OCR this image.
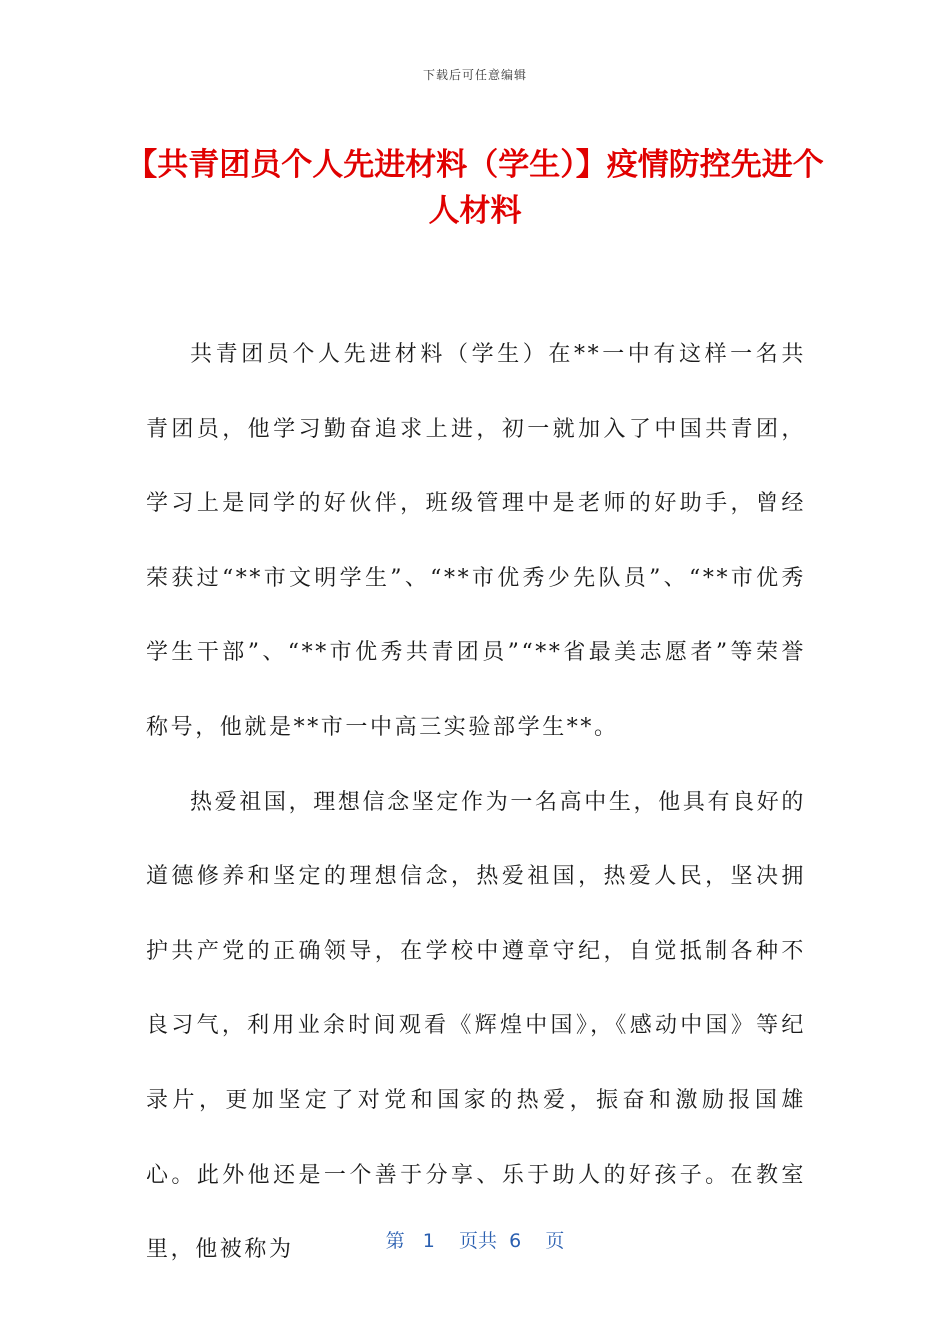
下载后可任意编辑
【共青团员个人先进材料（学生）】疫情防控先进个人材料

共青团员个人先进材料（学生）在**一中有这样一名共青团员，他学习勤奋追求上进，初一就加入了中国共青团，学习上是同学的好伙伴，班级管理中是老师的好助手，曾经荣获过“**市文明学生”、“**市优秀少先队员”、“**市优秀学生干部”、“**市优秀共青团员”“**省最美志愿者”等荣誉称号，他就是**市一中高三实验部学生**。

热爱祖国，理想信念坚定作为一名高中生，他具有良好的道德修养和坚定的理想信念，热爱祖国，热爱人民，坚决拥护共产党的正确领导，在学校中遵章守纪，自觉抵制各种不良习气，利用业余时间观看《辉煌中国》，《感动中国》等纪录片，更加坚定了对党和国家的热爱，振奋和激励报国雄心。此外他还是一个善于分享、乐于助人的好孩子。在教室里，他被称为	第 1 页共 6 页
